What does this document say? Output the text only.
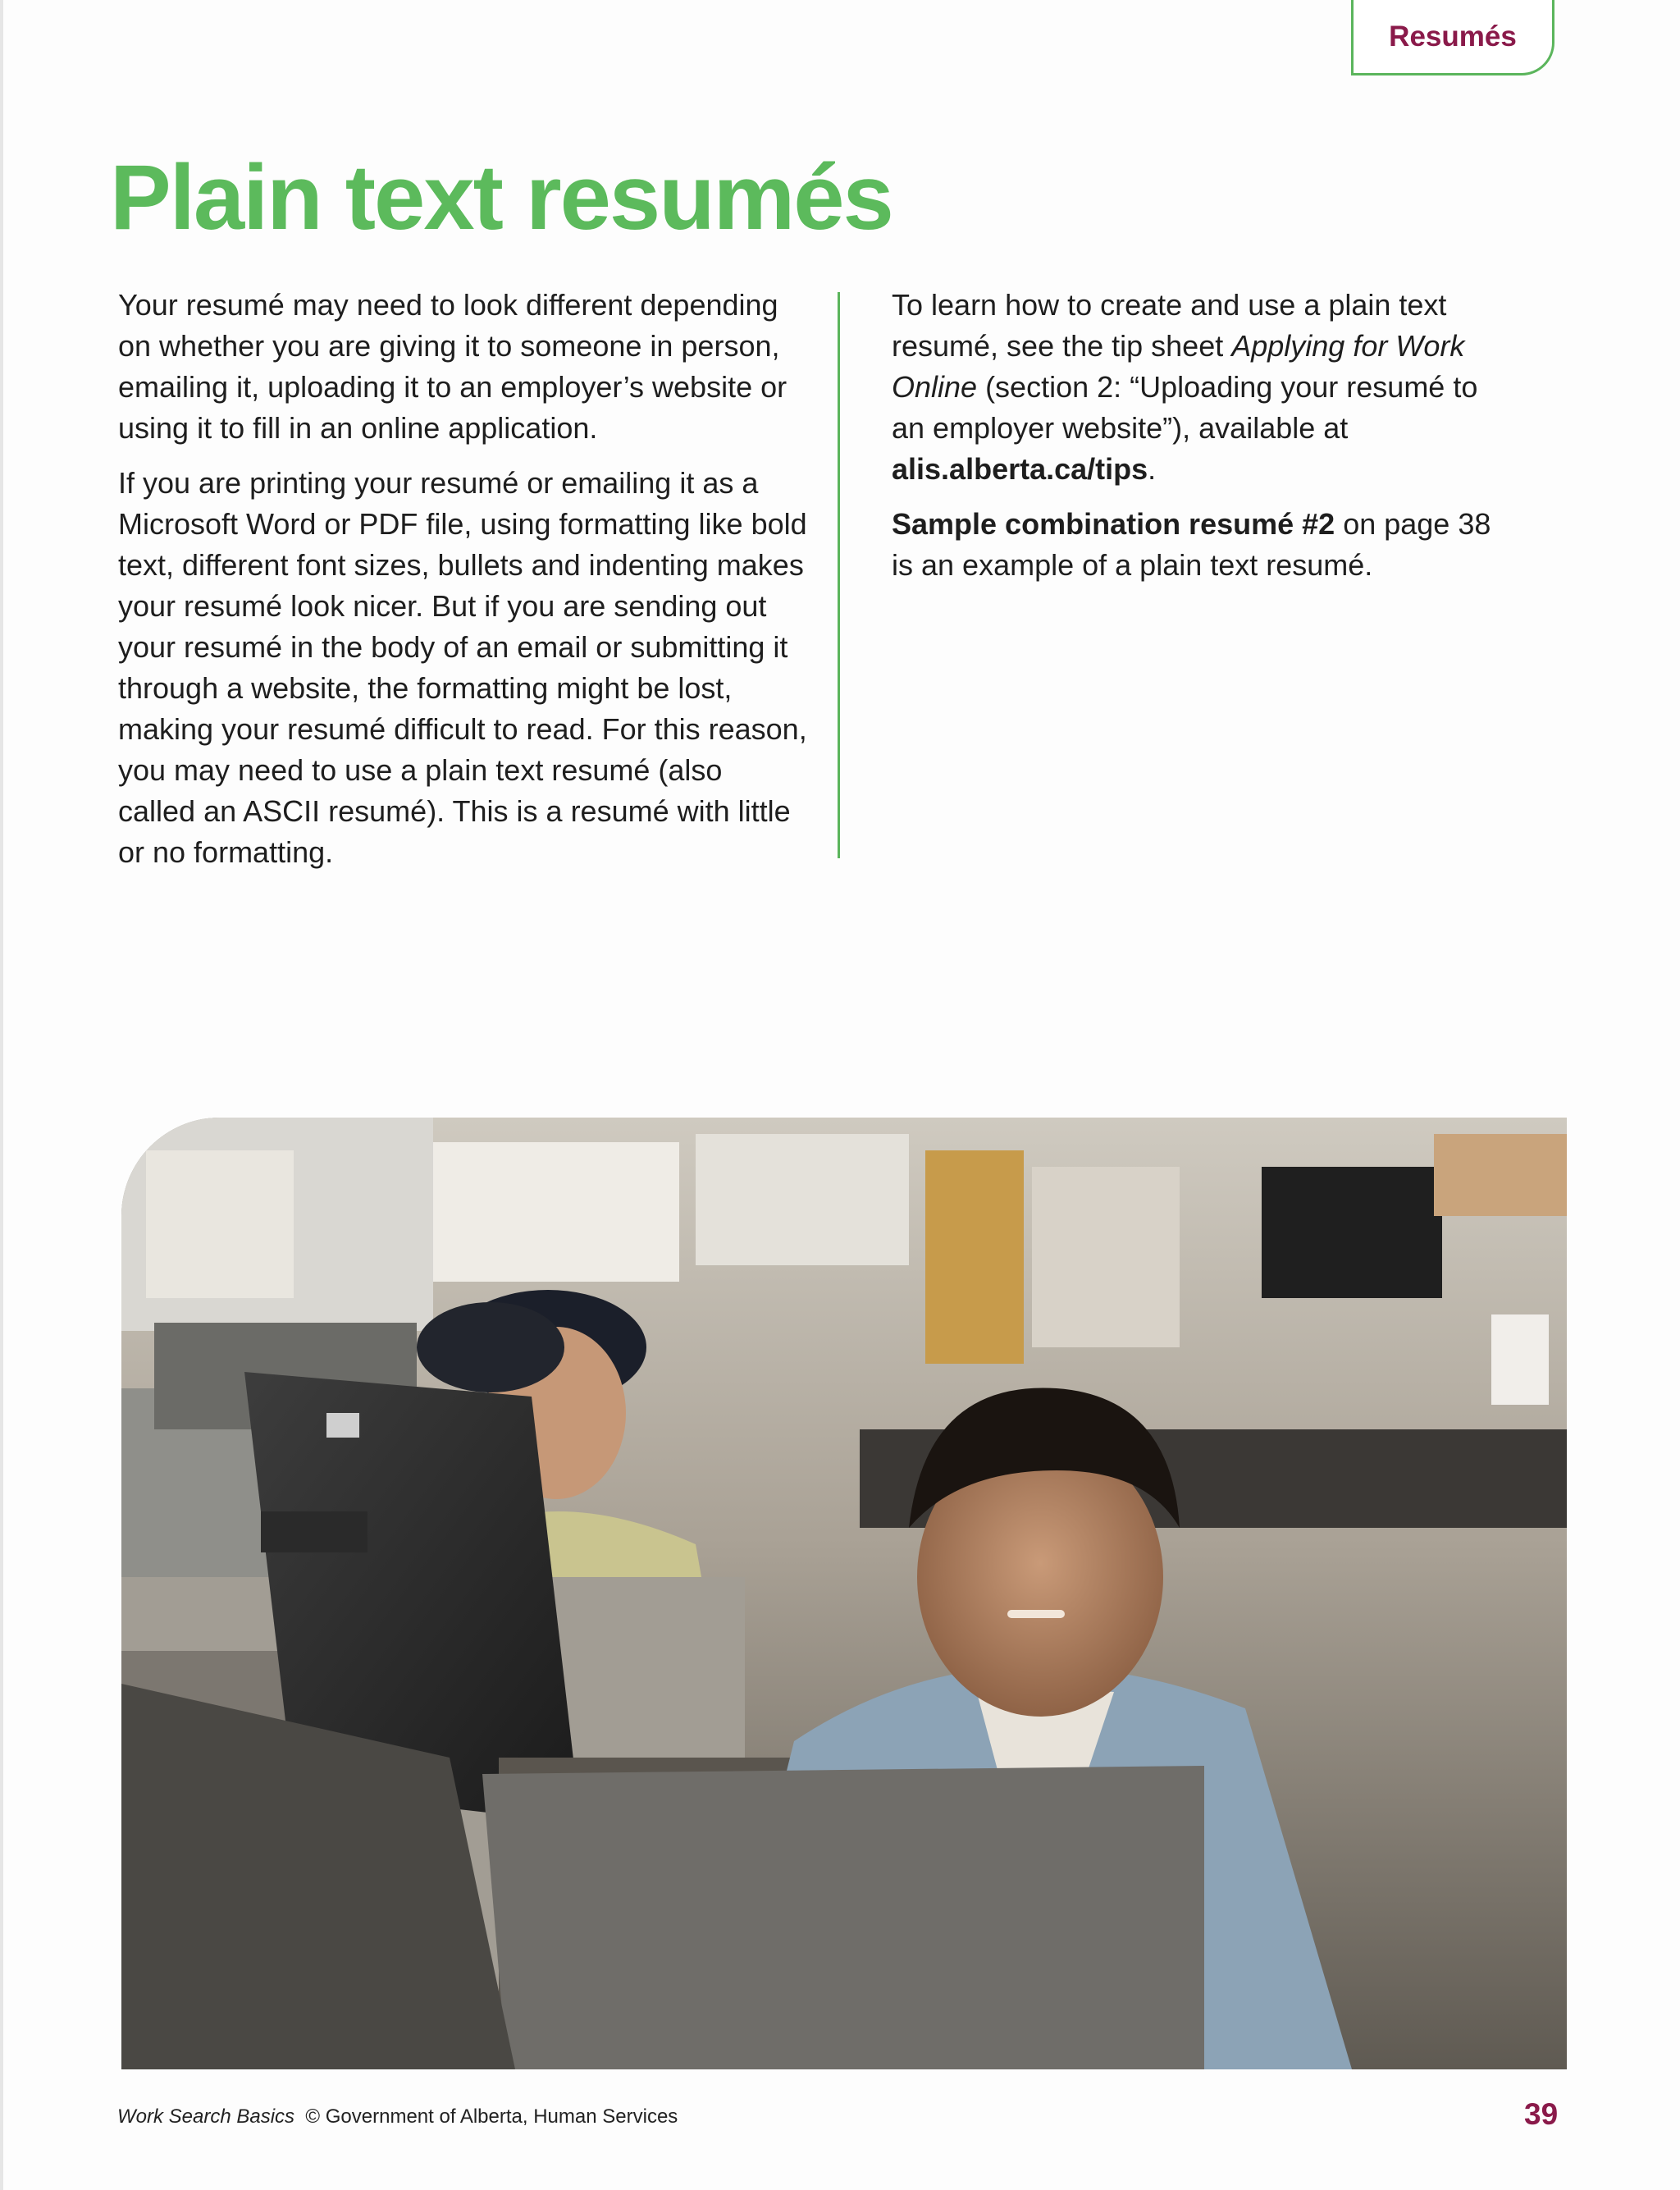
Resumés
Plain text resumés

Your resumé may need to look different depending on whether you are giving it to someone in person, emailing it, uploading it to an employer’s website or using it to fill in an online application.

If you are printing your resumé or emailing it as a Microsoft Word or PDF file, using formatting like bold text, different font sizes, bullets and indenting makes your resumé look nicer. But if you are sending out your resumé in the body of an email or submitting it through a website, the formatting might be lost, making your resumé difficult to read. For this reason, you may need to use a plain text resumé (also called an ASCII resumé). This is a resumé with little or no formatting.

To learn how to create and use a plain text resumé, see the tip sheet Applying for Work Online (section 2: “Uploading your resumé to an employer website”), available at alis.alberta.ca/tips.

Sample combination resumé #2 on page 38 is an example of a plain text resumé.

Work Search Basics © Government of Alberta, Human Services	39
